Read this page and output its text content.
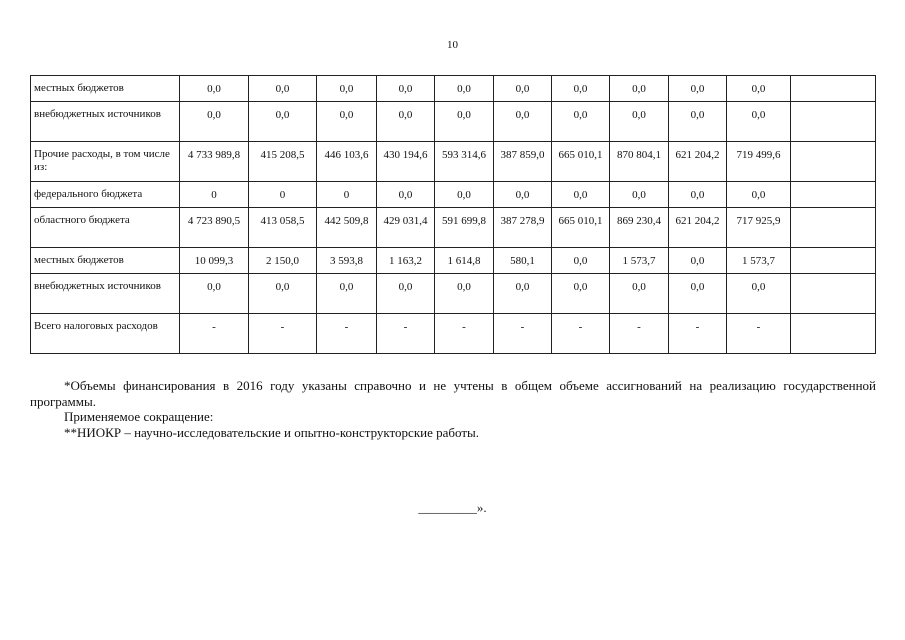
10
местных бюджетов	0,0	0,0	0,0	0,0	0,0	0,0	0,0	0,0	0,0	0,0	
внебюджетных источников	0,0	0,0	0,0	0,0	0,0	0,0	0,0	0,0	0,0	0,0	
Прочие расходы, в том числе из:	4 733 989,8	415 208,5	446 103,6	430 194,6	593 314,6	387 859,0	665 010,1	870 804,1	621 204,2	719 499,6	
федерального бюджета	0	0	0	0,0	0,0	0,0	0,0	0,0	0,0	0,0	
областного бюджета	4 723 890,5	413 058,5	442 509,8	429 031,4	591 699,8	387 278,9	665 010,1	869 230,4	621 204,2	717 925,9	
местных бюджетов	10 099,3	2 150,0	3 593,8	1 163,2	1 614,8	580,1	0,0	1 573,7	0,0	1 573,7	
внебюджетных источников	0,0	0,0	0,0	0,0	0,0	0,0	0,0	0,0	0,0	0,0	
Всего налоговых расходов	-	-	-	-	-	-	-	-	-	-	

*Объемы финансирования в 2016 году указаны справочно и не учтены в общем объеме ассигнований на реализацию государственной программы.

Применяемое сокращение:

**НИОКР – научно-исследовательские и опытно-конструкторские работы.

_________».
